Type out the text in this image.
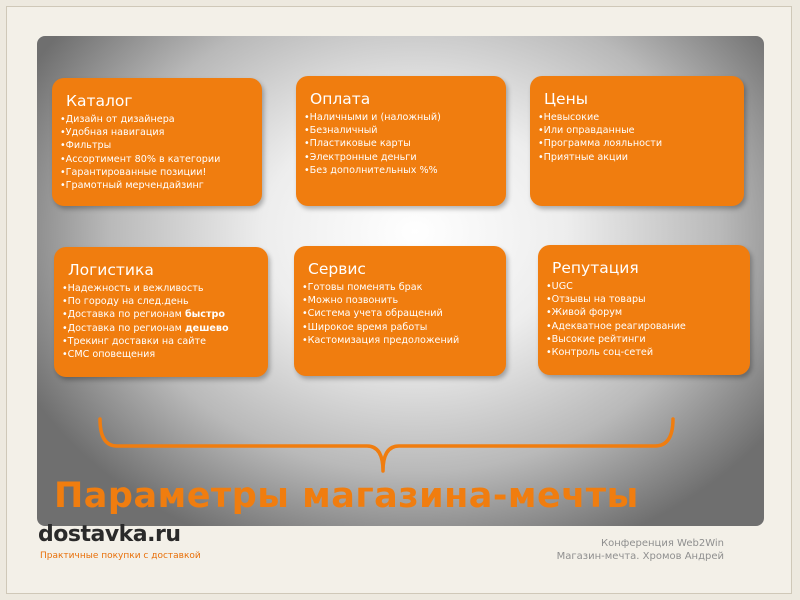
Каталог
• Дизайн от дизайнера
• Удобная навигация
• Фильтры
• Ассортимент 80% в категории
• Гарантированные позиции!
• Грамотный мерчендайзинг
Оплата
• Наличными и (наложный)
• Безналичный
• Пластиковые карты
• Электронные деньги
• Без дополнительных %%
Цены
• Невысокие
• Или оправданные
• Программа лояльности
• Приятные акции
Логистика
• Надежность и вежливость
• По городу на след.день
• Доставка по регионам быстро
• Доставка по регионам дешево
• Трекинг доставки на сайте
• СМС оповещения
Сервис
• Готовы поменять брак
• Можно позвонить
• Система учета обращений
• Широкое время работы
• Кастомизация предоложений
Репутация
• UGC
• Отзывы на товары
• Живой форум
• Адекватное реагирование
• Высокие рейтинги
• Контроль соц-сетей
Параметры магазина-мечты
dostavka.ru
Практичные покупки с доставкой
Конференция Web2Win
Магазин-мечта. Хромов Андрей
